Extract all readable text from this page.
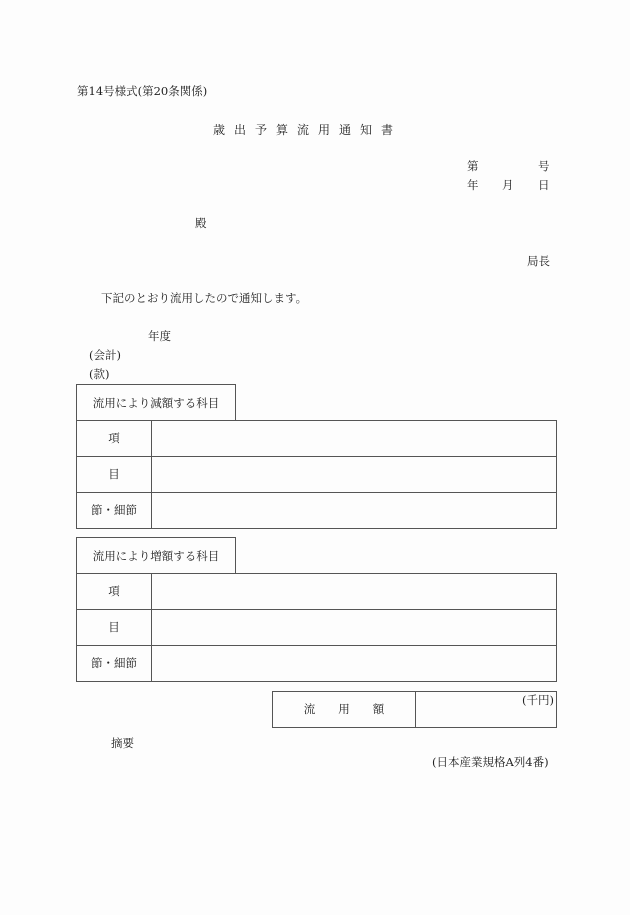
第14号様式(第20条関係)
歳出予算流用通知書
第	号
年 月 日
殿
局長
下記のとおり流用したので通知します。
年度
(会計)
(款)
流用により減額する科目
項
目
節・細節
流用により増額する科目
項
目
節・細節
流　　用　　額
(千円)
摘要
(日本産業規格A列4番)
